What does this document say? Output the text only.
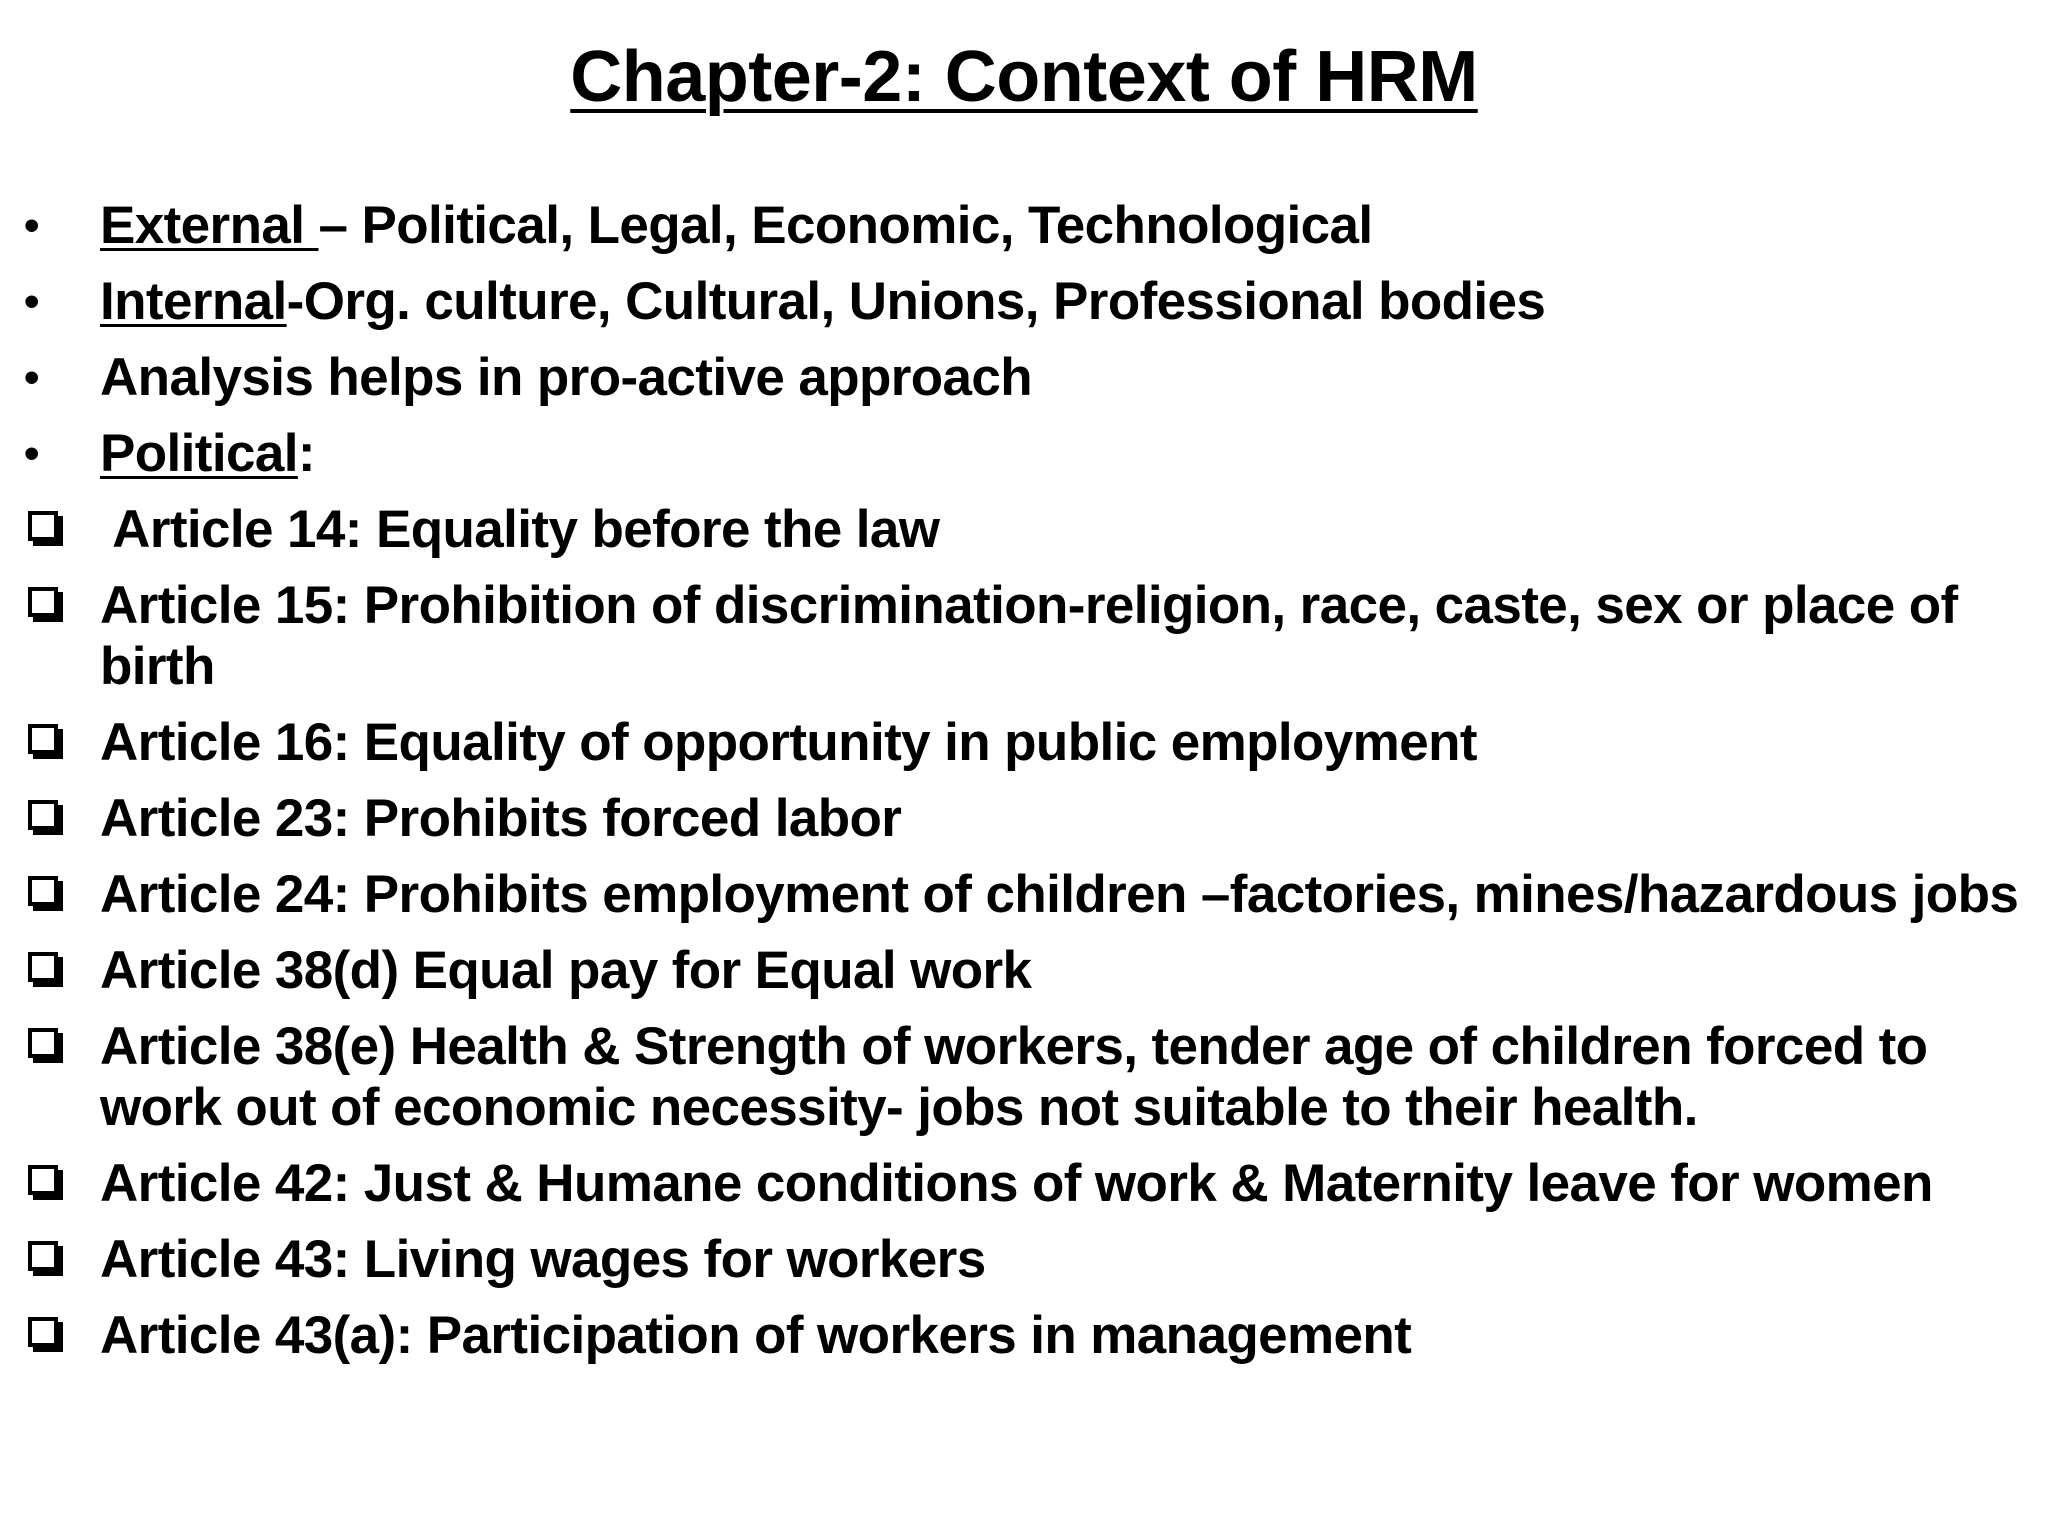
Chapter-2: Context of HRM
•	External – Political, Legal, Economic, Technological
•	Internal-Org. culture, Cultural, Unions, Professional bodies
•	Analysis helps in pro-active approach
•	Political:
Article 14: Equality before the law
Article 15: Prohibition of discrimination-religion, race, caste, sex or place of birth
Article 16: Equality of opportunity in public employment
Article 23: Prohibits forced labor
Article 24: Prohibits employment of children –factories, mines/hazardous jobs
Article 38(d) Equal pay for Equal work
Article 38(e) Health & Strength of workers, tender age of children forced to work out of economic necessity- jobs not suitable to their health.
Article 42: Just & Humane conditions of work & Maternity leave for women
Article 43: Living wages for workers
Article 43(a): Participation of workers in management
